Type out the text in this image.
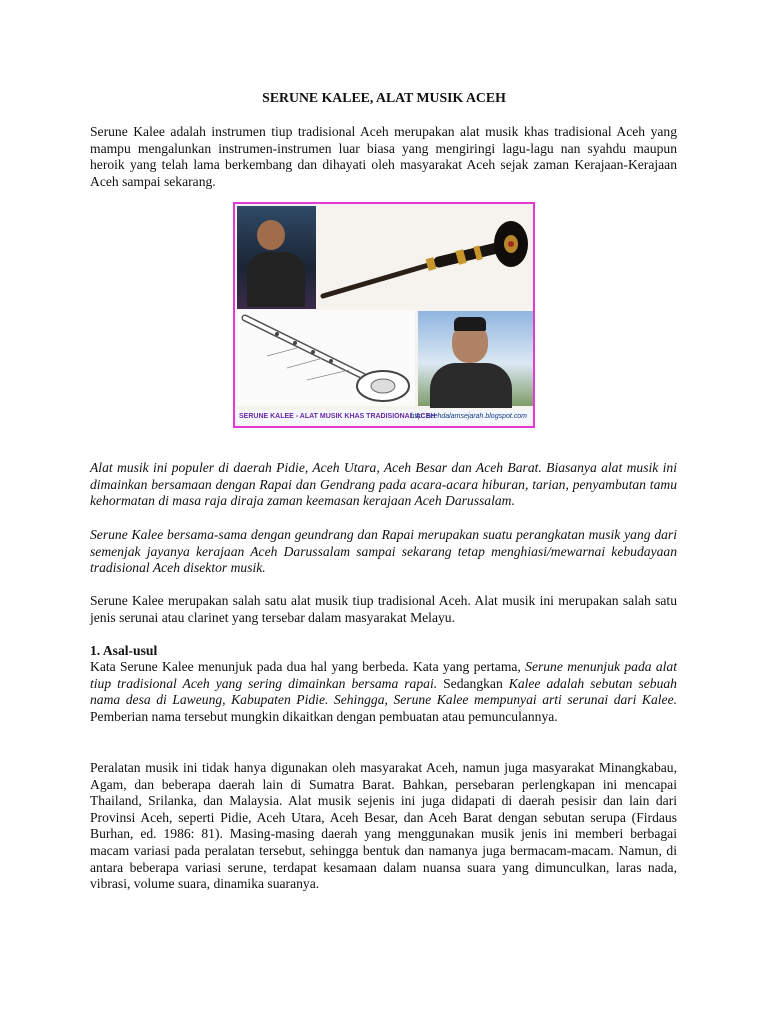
SERUNE KALEE, ALAT MUSIK ACEH

Serune Kalee adalah instrumen tiup tradisional Aceh merupakan alat musik khas tradisional Aceh yang mampu mengalunkan instrumen-instrumen luar biasa yang mengiringi lagu-lagu nan syahdu maupun heroik yang telah lama berkembang dan dihayati oleh masyarakat Aceh sejak zaman Kerajaan-Kerajaan Aceh sampai sekarang.

SERUNE KALEE - ALAT MUSIK KHAS TRADISIONAL ACEH
http: acehdalamsejarah.blogspot.com

Alat musik ini populer di daerah Pidie, Aceh Utara, Aceh Besar dan Aceh Barat. Biasanya alat musik ini dimainkan bersamaan dengan Rapai dan Gendrang pada acara-acara hiburan, tarian, penyambutan tamu kehormatan di masa raja diraja zaman keemasan kerajaan Aceh Darussalam.

Serune Kalee bersama-sama dengan geundrang dan Rapai merupakan suatu perangkatan musik yang dari semenjak jayanya kerajaan Aceh Darussalam sampai sekarang tetap menghiasi/mewarnai kebudayaan tradisional Aceh disektor musik.

Serune Kalee merupakan salah satu alat musik tiup tradisional Aceh. Alat musik ini merupakan salah satu jenis serunai atau clarinet yang tersebar dalam masyarakat Melayu.

1. Asal-usul

Kata Serune Kalee menunjuk pada dua hal yang berbeda. Kata yang pertama, Serune menunjuk pada alat tiup tradisional Aceh yang sering dimainkan bersama rapai. Sedangkan Kalee adalah sebutan sebuah nama desa di Laweung, Kabupaten Pidie. Sehingga, Serune Kalee mempunyai arti serunai dari Kalee. Pemberian nama tersebut mungkin dikaitkan dengan pembuatan atau pemunculannya.

Peralatan musik ini tidak hanya digunakan oleh masyarakat Aceh, namun juga masyarakat Minangkabau, Agam, dan beberapa daerah lain di Sumatra Barat. Bahkan, persebaran perlengkapan ini mencapai Thailand, Srilanka, dan Malaysia. Alat musik sejenis ini juga didapati di daerah pesisir dan lain dari Provinsi Aceh, seperti Pidie, Aceh Utara, Aceh Besar, dan Aceh Barat dengan sebutan serupa (Firdaus Burhan, ed. 1986: 81). Masing-masing daerah yang menggunakan musik jenis ini memberi berbagai macam variasi pada peralatan tersebut, sehingga bentuk dan namanya juga bermacam-macam. Namun, di antara beberapa variasi serune, terdapat kesamaan dalam nuansa suara yang dimunculkan, laras nada, vibrasi, volume suara, dinamika suaranya.
